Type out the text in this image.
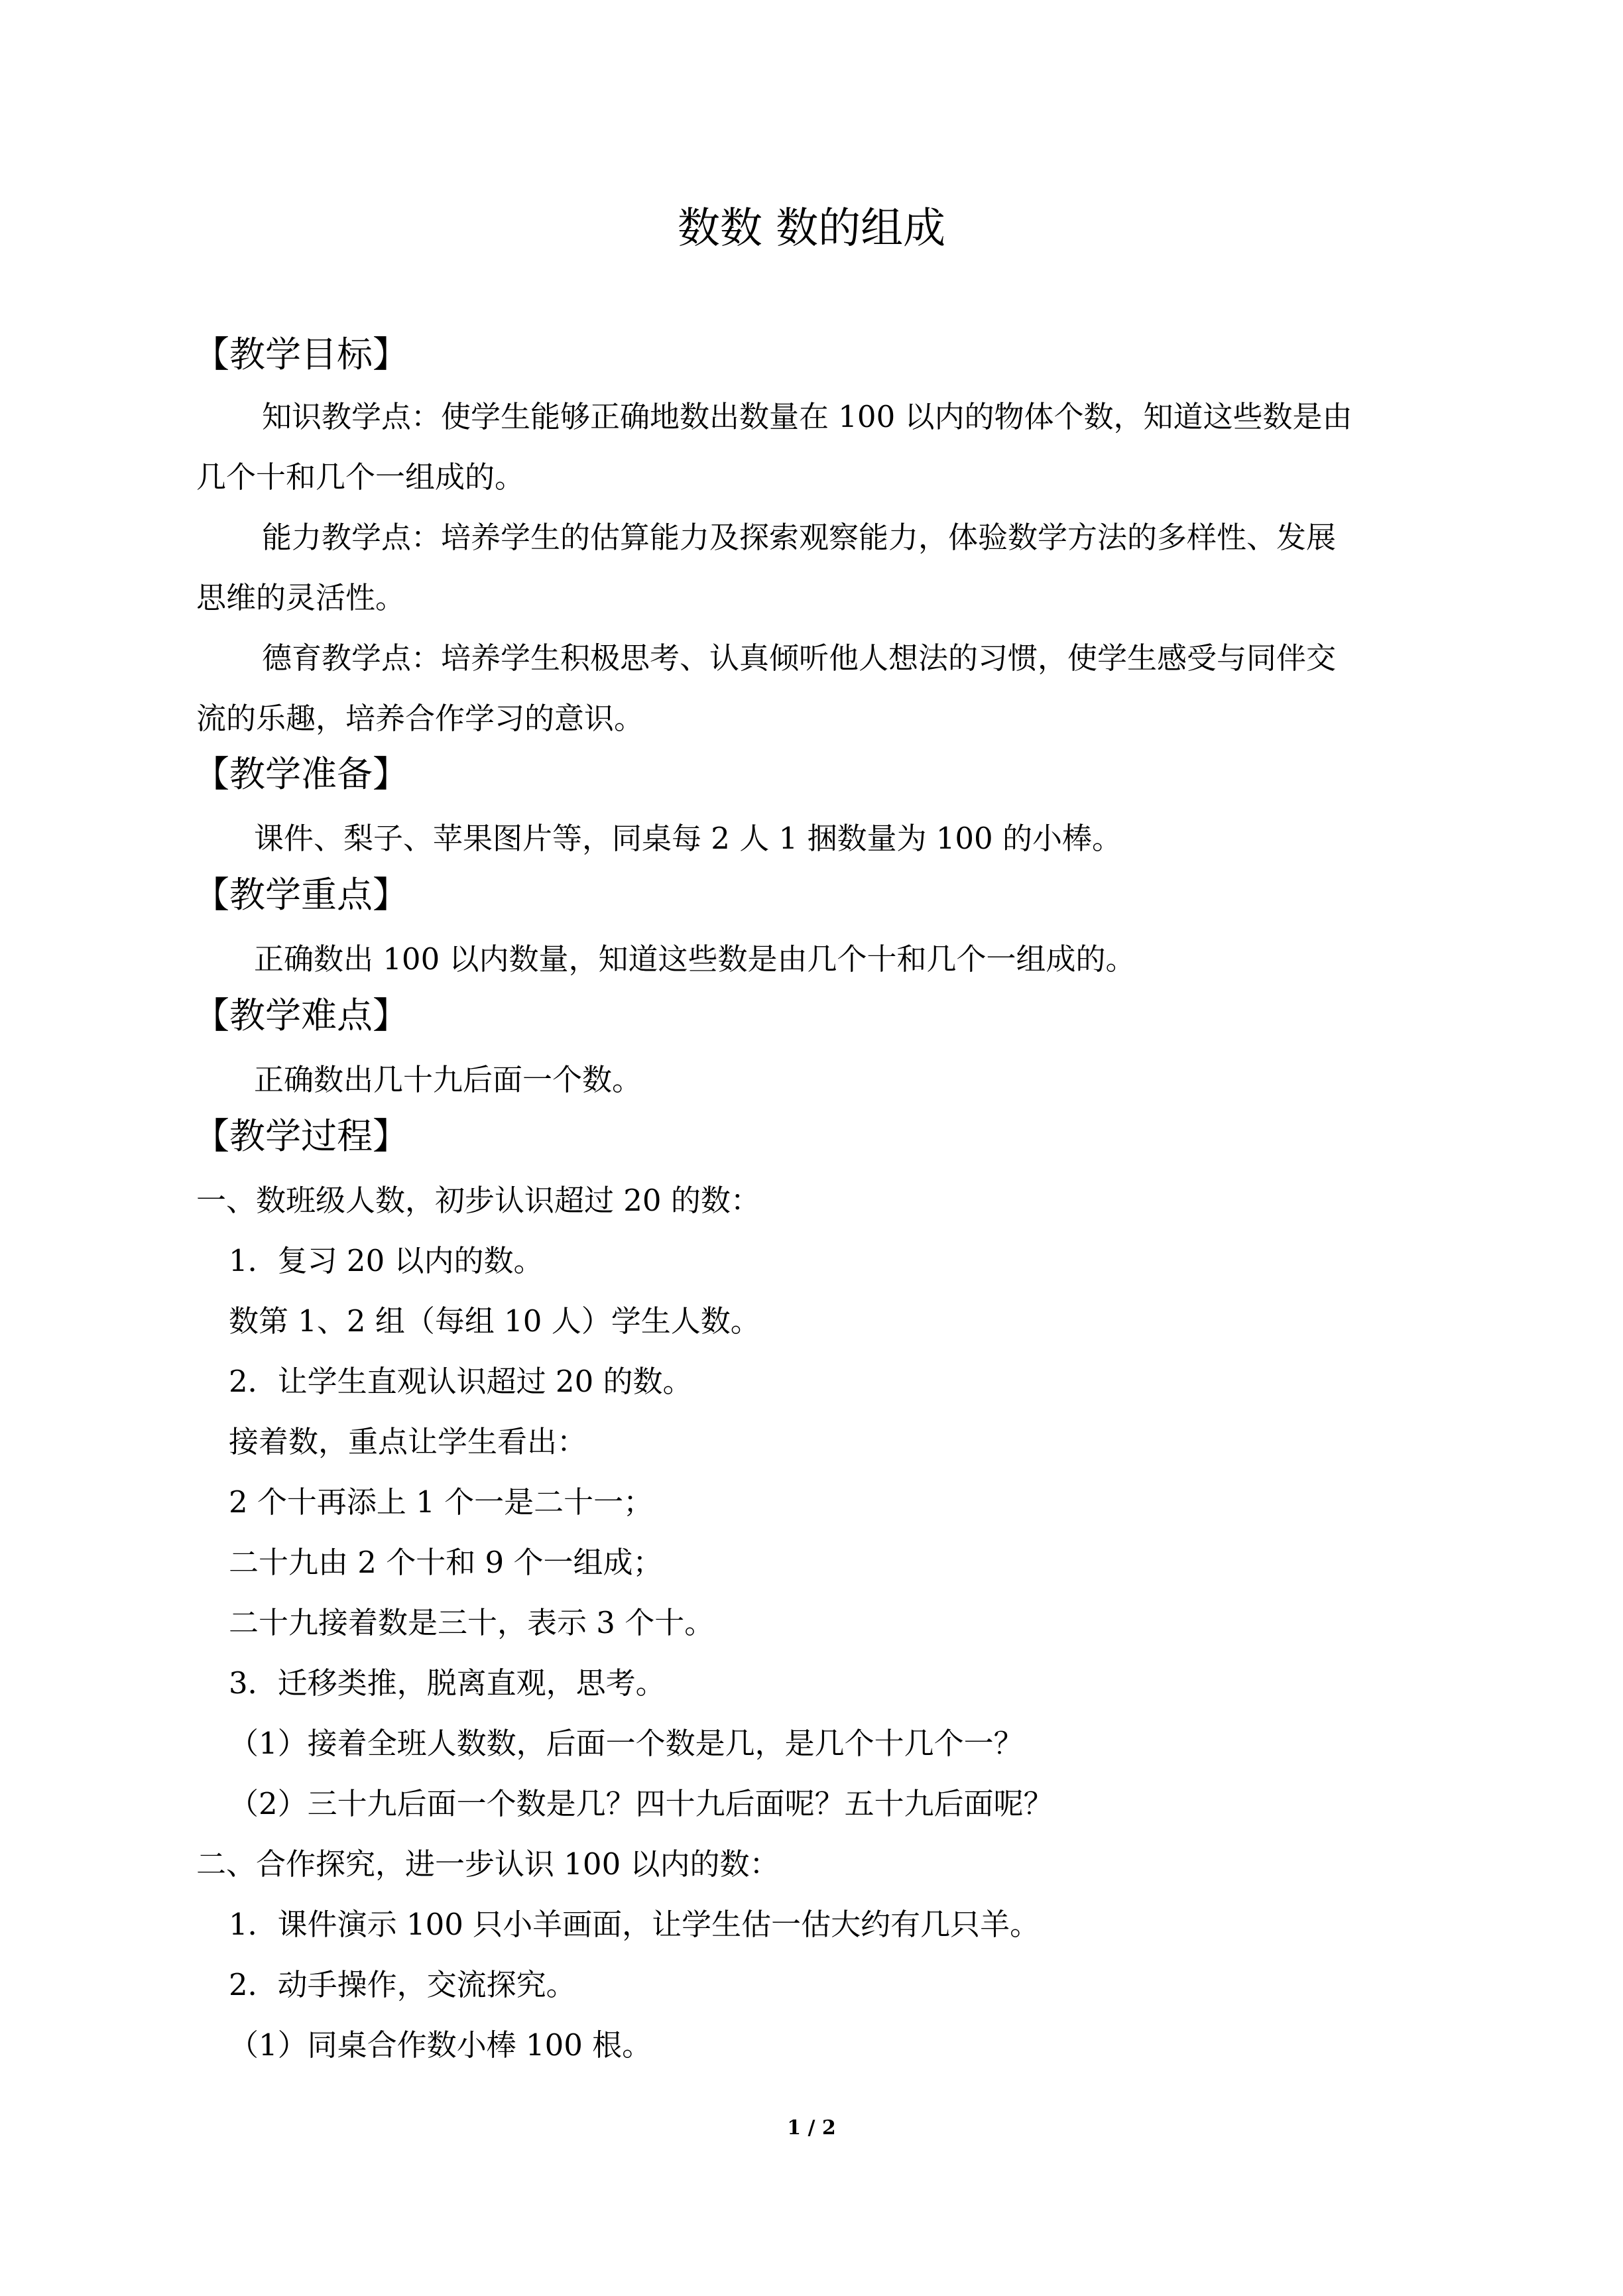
数数 数的组成
【教学目标】
知识教学点：使学生能够正确地数出数量在 100 以内的物体个数，知道这些数是由
几个十和几个一组成的。
能力教学点：培养学生的估算能力及探索观察能力，体验数学方法的多样性、发展
思维的灵活性。
德育教学点：培养学生积极思考、认真倾听他人想法的习惯，使学生感受与同伴交
流的乐趣，培养合作学习的意识。
【教学准备】
课件、梨子、苹果图片等，同桌每 2 人 1 捆数量为 100 的小棒。
【教学重点】
正确数出 100 以内数量，知道这些数是由几个十和几个一组成的。
【教学难点】
正确数出几十九后面一个数。
【教学过程】
一、数班级人数，初步认识超过 20 的数：
1．复习 20 以内的数。
数第 1、2 组（每组 10 人）学生人数。
2．让学生直观认识超过 20 的数。
接着数，重点让学生看出：
2 个十再添上 1 个一是二十一；
二十九由 2 个十和 9 个一组成；
二十九接着数是三十，表示 3 个十。
3．迁移类推，脱离直观，思考。
（1）接着全班人数数，后面一个数是几，是几个十几个一？
（2）三十九后面一个数是几？四十九后面呢？五十九后面呢？
二、合作探究，进一步认识 100 以内的数：
1．课件演示 100 只小羊画面，让学生估一估大约有几只羊。
2．动手操作，交流探究。
（1）同桌合作数小棒 100 根。
1 / 2
